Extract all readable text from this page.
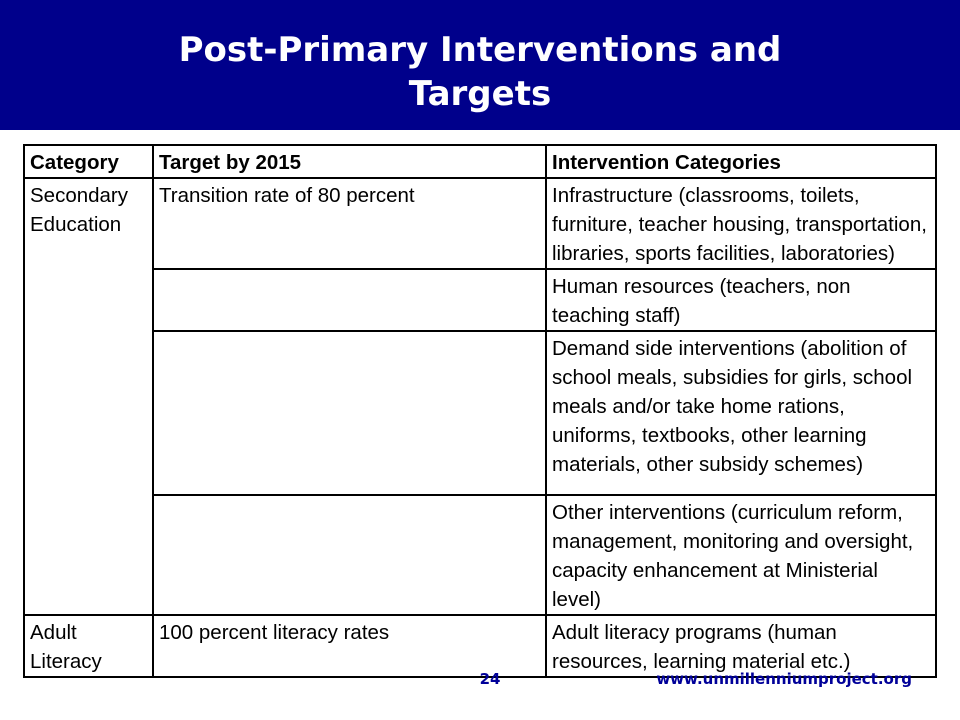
Post-Primary Interventions and
Targets
Category	Target by 2015	Intervention Categories

Secondary
Education	Transition rate of 80 percent	Infrastructure (classrooms, toilets, furniture, teacher housing, transportation, libraries, sports facilities, laboratories)
		Human resources (teachers, non teaching staff)
		Demand side interventions (abolition of school meals, subsidies for girls, school meals and/or take home rations, uniforms, textbooks, other learning materials, other subsidy schemes)
		Other interventions (curriculum reform, management, monitoring and oversight, capacity enhancement at Ministerial level)
Adult Literacy	100 percent literacy rates	Adult literacy programs (human resources, learning material etc.)
24	www.unmillenniumproject.org
